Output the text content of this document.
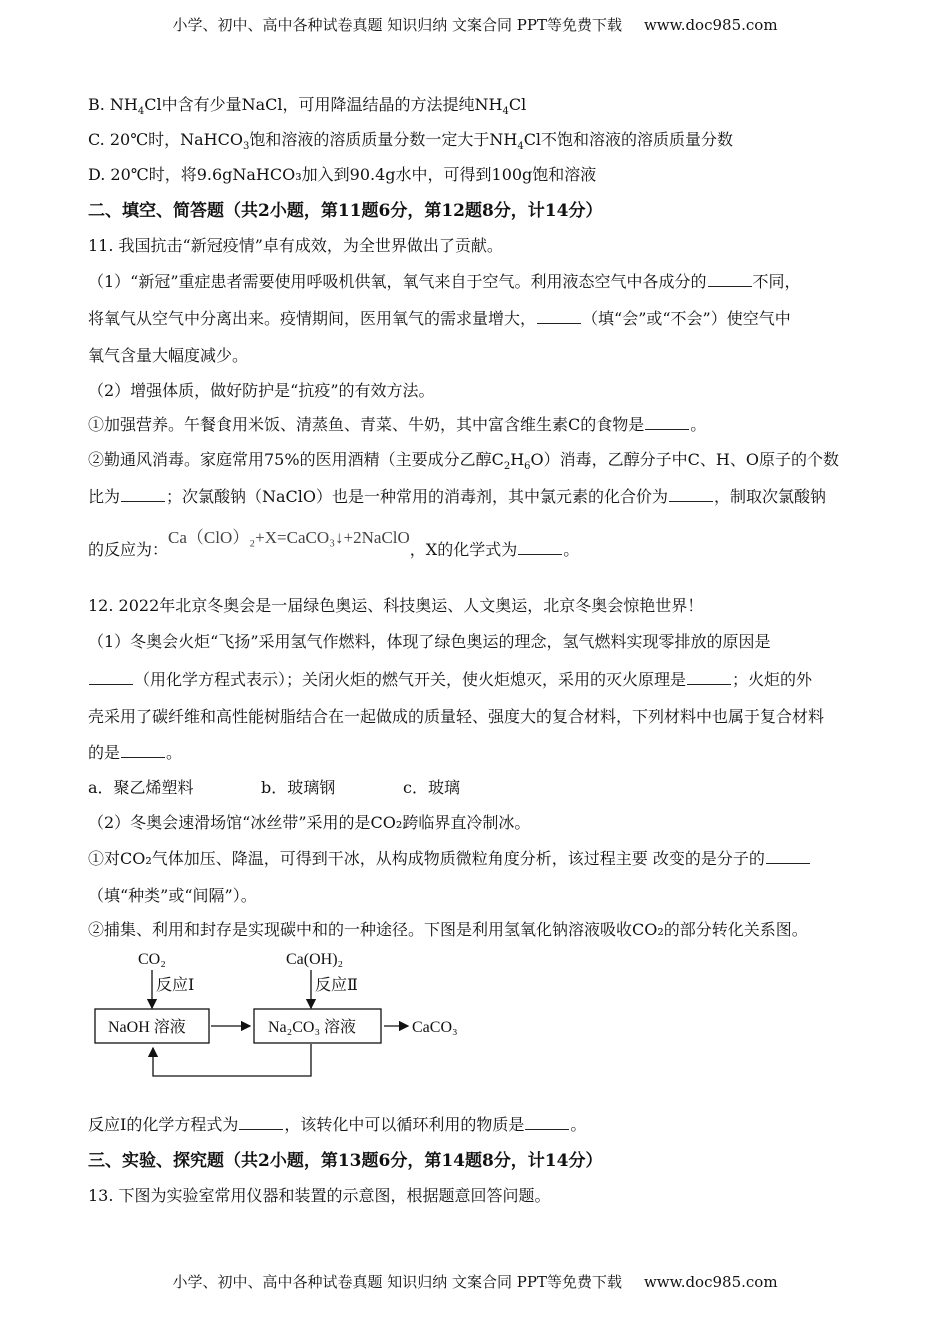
小学、初中、高中各种试卷真题 知识归纳 文案合同 PPT等免费下载 www.doc985.com
B. $NH_4Cl$中含有少量NaCl，可用降温结晶的方法提纯$NH_4Cl$
C. 20℃时，NaHCO$_3$饱和溶液的溶质质量分数一定大于$NH_4Cl$不饱和溶液的溶质质量分数
D. 20℃时，将9.6gNaHCO₃加入到90.4g水中，可得到100g饱和溶液
二、填空、简答题（共2小题，第11题6分，第12题8分，计14分）
11. 我国抗击“新冠疫情”卓有成效，为全世界做出了贡献。
（1）“新冠”重症患者需要使用呼吸机供氧，氧气来自于空气。利用液态空气中各成分的	不同，
将氧气从空气中分离出来。疫情期间，医用氧气的需求量增大，	（填“会”或“不会”）使空气中
氧气含量大幅度减少。
（2）增强体质，做好防护是“抗疫”的有效方法。
①加强营养。午餐食用米饭、清蒸鱼、青菜、牛奶，其中富含维生素C的食物是	。
②勤通风消毒。家庭常用75%的医用酒精（主要成分乙醇$C_2H_6O$）消毒，乙醇分子中C、H、O原子的个数
比为	；次氯酸钠（NaClO）也是一种常用的消毒剂，其中氯元素的化合价为	，制取次氯酸钠
的反应为：Ca（ClO）₂+X=CaCO₃↓+2NaClO，X的化学式为	。
12. 2022年北京冬奥会是一届绿色奥运、科技奥运、人文奥运，北京冬奥会惊艳世界！
（1）冬奥会火炬“飞扬”采用氢气作燃料，体现了绿色奥运的理念，氢气燃料实现零排放的原因是
（用化学方程式表示）；关闭火炬的燃气开关，使火炬熄灭，采用的灭火原理是	；火炬的外
壳采用了碳纤维和高性能树脂结合在一起做成的质量轻、强度大的复合材料，下列材料中也属于复合材料
的是	。
a．聚乙烯塑料	b．玻璃钢	c．玻璃
（2）冬奥会速滑场馆“冰丝带”采用的是CO₂跨临界直冷制冰。
①对CO₂气体加压、降温，可得到干冰，从构成物质微粒角度分析，该过程主要 改变的是分子的
（填“种类”或“间隔”）。
②捕集、利用和封存是实现碳中和的一种途径。下图是利用氢氧化钠溶液吸收CO₂的部分转化关系图。
CO₂	Ca(OH)₂
反应Ⅰ	反应Ⅱ
NaOH 溶液	Na₂CO₃ 溶液	CaCO₃
反应Ⅰ的化学方程式为	，该转化中可以循环利用的物质是	。
三、实验、探究题（共2小题，第13题6分，第14题8分，计14分）
13. 下图为实验室常用仪器和装置的示意图，根据题意回答问题。
小学、初中、高中各种试卷真题 知识归纳 文案合同 PPT等免费下载 www.doc985.com
